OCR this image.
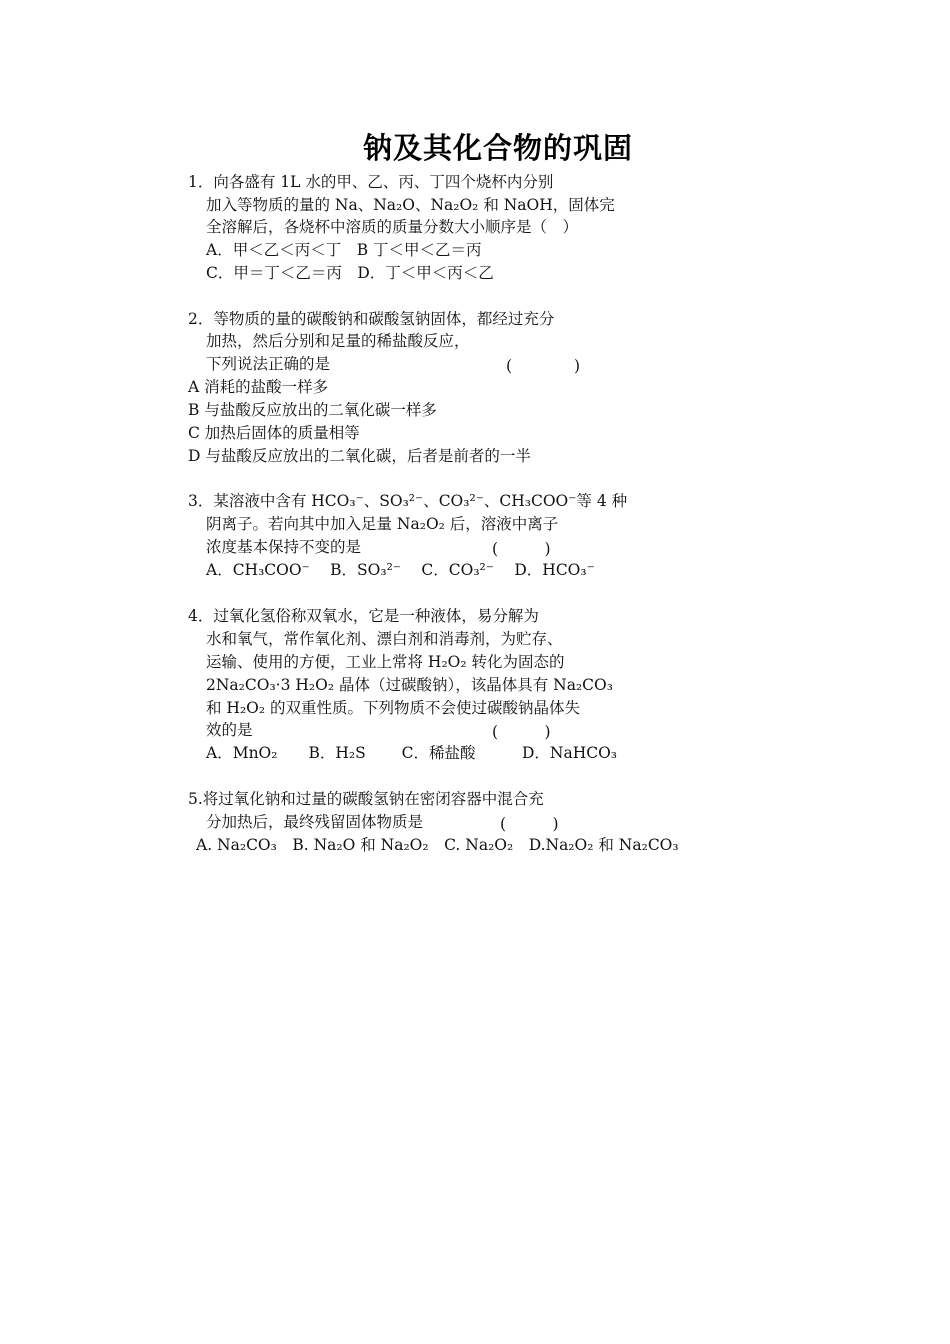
钠及其化合物的巩固
1．向各盛有 1L 水的甲、乙、丙、丁四个烧杯内分别
加入等物质的量的 Na、Na₂O、Na₂O₂ 和 NaOH，固体完
全溶解后，各烧杯中溶质的质量分数大小顺序是（　）
A．甲＜乙＜丙＜丁　B 丁＜甲＜乙＝丙
C．甲＝丁＜乙＝丙　D．丁＜甲＜丙＜乙
2．等物质的量的碳酸钠和碳酸氢钠固体，都经过充分
加热，然后分别和足量的稀盐酸反应，
下列说法正确的是	(　　　　)
A 消耗的盐酸一样多
B 与盐酸反应放出的二氧化碳一样多
C 加热后固体的质量相等
D 与盐酸反应放出的二氧化碳，后者是前者的一半
3．某溶液中含有 HCO₃⁻、SO₃²⁻、CO₃²⁻、CH₃COO⁻等 4 种
阴离子。若向其中加入足量 Na₂O₂ 后，溶液中离子
浓度基本保持不变的是	(　　　)
A．CH₃COO⁻　 B．SO₃²⁻　 C．CO₃²⁻　 D．HCO₃⁻
4．过氧化氢俗称双氧水，它是一种液体，易分解为
水和氧气，常作氧化剂、漂白剂和消毒剂，为贮存、
运输、使用的方便，工业上常将 H₂O₂ 转化为固态的
2Na₂CO₃·3 H₂O₂ 晶体（过碳酸钠），该晶体具有 Na₂CO₃
和 H₂O₂ 的双重性质。下列物质不会使过碳酸钠晶体失
效的是	(　　　)
A．MnO₂　　B．H₂S　　 C．稀盐酸　　　D．NaHCO₃
5.将过氧化钠和过量的碳酸氢钠在密闭容器中混合充
分加热后，最终残留固体物质是	(　　　)
A. Na₂CO₃　B. Na₂O 和 Na₂O₂　C. Na₂O₂　D.Na₂O₂ 和 Na₂CO₃
